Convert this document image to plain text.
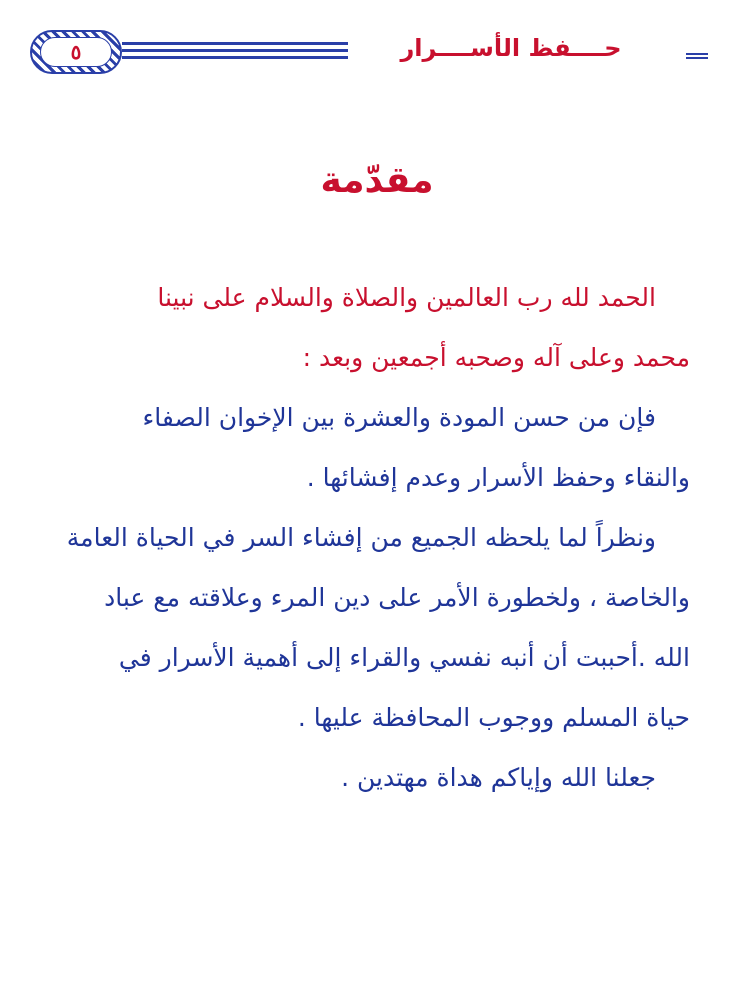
٥	حــــفظ الأســــرار
مقدّمة
الحمد لله رب العالمين والصلاة والسلام على نبينا
محمد وعلى آله وصحبه أجمعين وبعد :
فإن من حسن المودة والعشرة بين الإخوان الصفاء
والنقاء وحفظ الأسرار وعدم إفشائها .
ونظراً لما يلحظه الجميع من إفشاء السر في الحياة العامة
والخاصة ، ولخطورة الأمر على دين المرء وعلاقته مع عباد
الله .أحببت أن أنبه نفسي والقراء إلى أهمية الأسرار في
حياة المسلم ووجوب المحافظة عليها .
جعلنا الله وإياكم هداة مهتدين .
